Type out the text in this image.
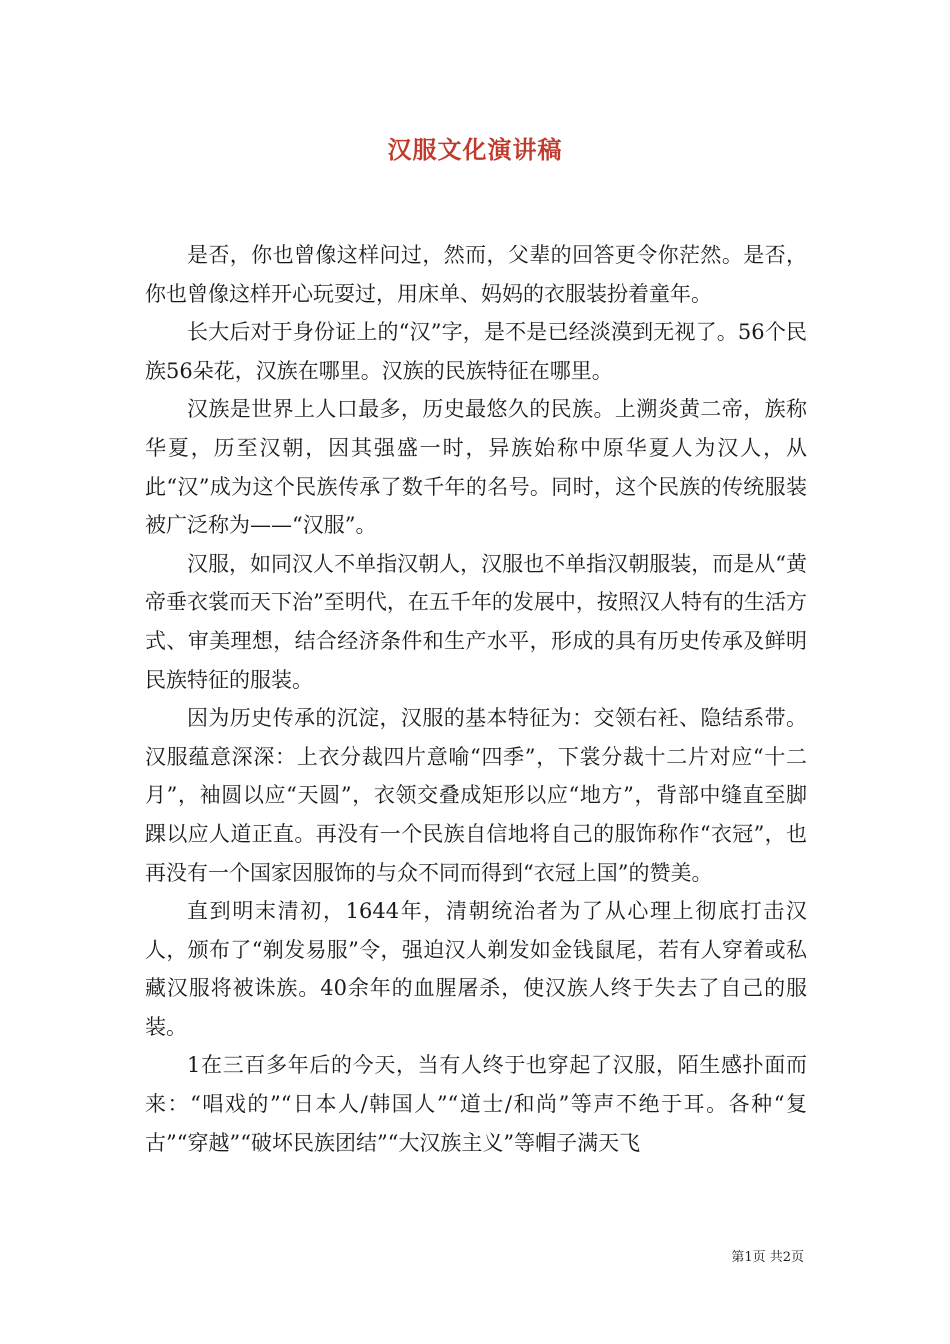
汉服文化演讲稿

是否，你也曾像这样问过，然而，父辈的回答更令你茫然。是否，你也曾像这样开心玩耍过，用床单、妈妈的衣服装扮着童年。

长大后对于身份证上的“汉”字，是不是已经淡漠到无视了。56个民族56朵花，汉族在哪里。汉族的民族特征在哪里。

汉族是世界上人口最多，历史最悠久的民族。上溯炎黄二帝，族称华夏，历至汉朝，因其强盛一时，异族始称中原华夏人为汉人，从此“汉”成为这个民族传承了数千年的名号。同时，这个民族的传统服装被广泛称为——“汉服”。

汉服，如同汉人不单指汉朝人，汉服也不单指汉朝服装，而是从“黄帝垂衣裳而天下治”至明代，在五千年的发展中，按照汉人特有的生活方式、审美理想，结合经济条件和生产水平，形成的具有历史传承及鲜明民族特征的服装。

因为历史传承的沉淀，汉服的基本特征为：交领右衽、隐结系带。汉服蕴意深深：上衣分裁四片意喻“四季”，下裳分裁十二片对应“十二月”，袖圆以应“天圆”，衣领交叠成矩形以应“地方”，背部中缝直至脚踝以应人道正直。再没有一个民族自信地将自己的服饰称作“衣冠”，也再没有一个国家因服饰的与众不同而得到“衣冠上国”的赞美。

直到明末清初，1644年，清朝统治者为了从心理上彻底打击汉人，颁布了“剃发易服”令，强迫汉人剃发如金钱鼠尾，若有人穿着或私藏汉服将被诛族。40余年的血腥屠杀，使汉族人终于失去了自己的服装。

1在三百多年后的今天，当有人终于也穿起了汉服，陌生感扑面而来：“唱戏的”“日本人/韩国人”“道士/和尚”等声不绝于耳。各种“复古”“穿越”“破坏民族团结”“大汉族主义”等帽子满天飞

第1页 共2页
